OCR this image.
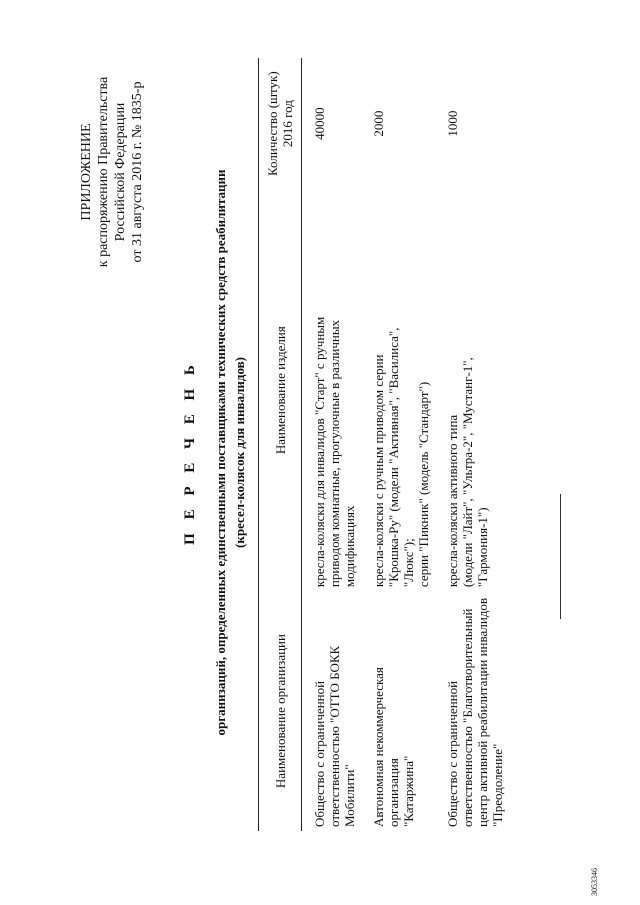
ПРИЛОЖЕНИЕ к распоряжению Правительства Российской Федерации от 31 августа 2016 г. № 1835-р
П Е Р Е Ч Е Н Ь организаций, определенных единственными поставщиками технических средств реабилитации (кресел-колясок для инвалидов)
Наименование организации	Наименование изделия	Количество (штук) 2016 год

Общество с ограниченной ответственностью "ОТТО БОКК Мобилити"	кресла-коляски для инвалидов "Старт" с ручным приводом комнатные, прогулочные в различных модификациях	40000

Автономная некоммерческая организация "Катаржина"	кресла-коляски с ручным приводом серии "Крошка-Ру" (модели "Активная", "Василиса", "Люкс"); серии "Пикник" (модель "Стандарт")	2000

Общество с ограниченной ответственностью "Благотворительный центр активной реабилитации инвалидов "Преодоление"	кресла-коляски активного типа (модели "Лайт", "Ультра-2", "Мустанг-1", "Гармония-1")	1000
3053346
